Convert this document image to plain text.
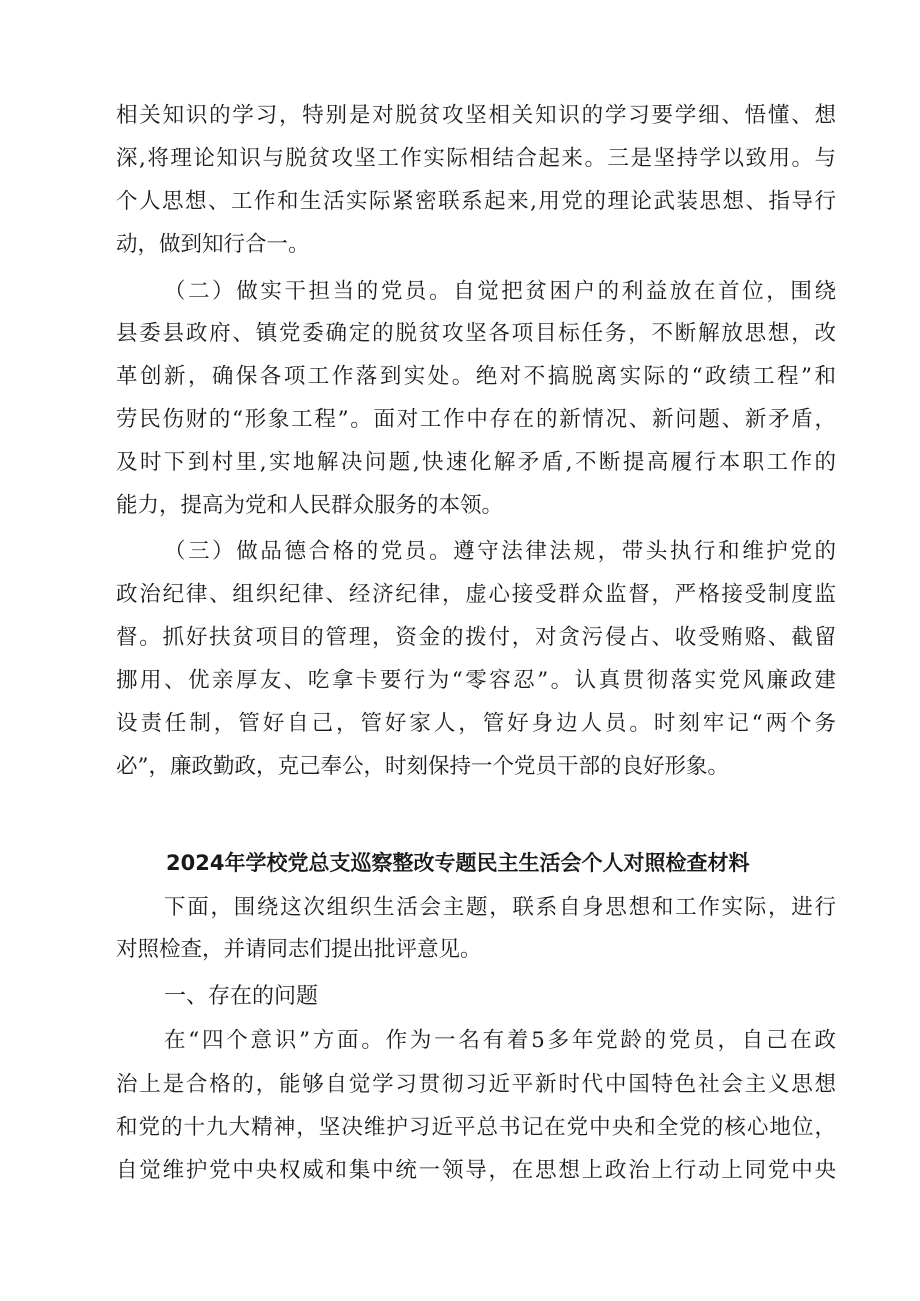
相关知识的学习，特别是对脱贫攻坚相关知识的学习要学细、悟懂、想
深,将理论知识与脱贫攻坚工作实际相结合起来。三是坚持学以致用。与
个人思想、工作和生活实际紧密联系起来,用党的理论武装思想、指导行
动，做到知行合一。
（二）做实干担当的党员。自觉把贫困户的利益放在首位，围绕
县委县政府、镇党委确定的脱贫攻坚各项目标任务，不断解放思想，改
革创新，确保各项工作落到实处。绝对不搞脱离实际的“政绩工程”和
劳民伤财的“形象工程”。面对工作中存在的新情况、新问题、新矛盾，
及时下到村里,实地解决问题,快速化解矛盾,不断提高履行本职工作的
能力，提高为党和人民群众服务的本领。
（三）做品德合格的党员。遵守法律法规，带头执行和维护党的
政治纪律、组织纪律、经济纪律，虚心接受群众监督，严格接受制度监
督。抓好扶贫项目的管理，资金的拨付，对贪污侵占、收受贿赂、截留
挪用、优亲厚友、吃拿卡要行为“零容忍”。认真贯彻落实党风廉政建
设责任制，管好自己，管好家人，管好身边人员。时刻牢记“两个务
必”，廉政勤政，克己奉公，时刻保持一个党员干部的良好形象。
2024年学校党总支巡察整改专题民主生活会个人对照检查材料
下面，围绕这次组织生活会主题，联系自身思想和工作实际，进行
对照检查，并请同志们提出批评意见。
一、存在的问题
在“四个意识”方面。作为一名有着5多年党龄的党员，自己在政
治上是合格的，能够自觉学习贯彻习近平新时代中国特色社会主义思想
和党的十九大精神，坚决维护习近平总书记在党中央和全党的核心地位，
自觉维护党中央权威和集中统一领导，在思想上政治上行动上同党中央
